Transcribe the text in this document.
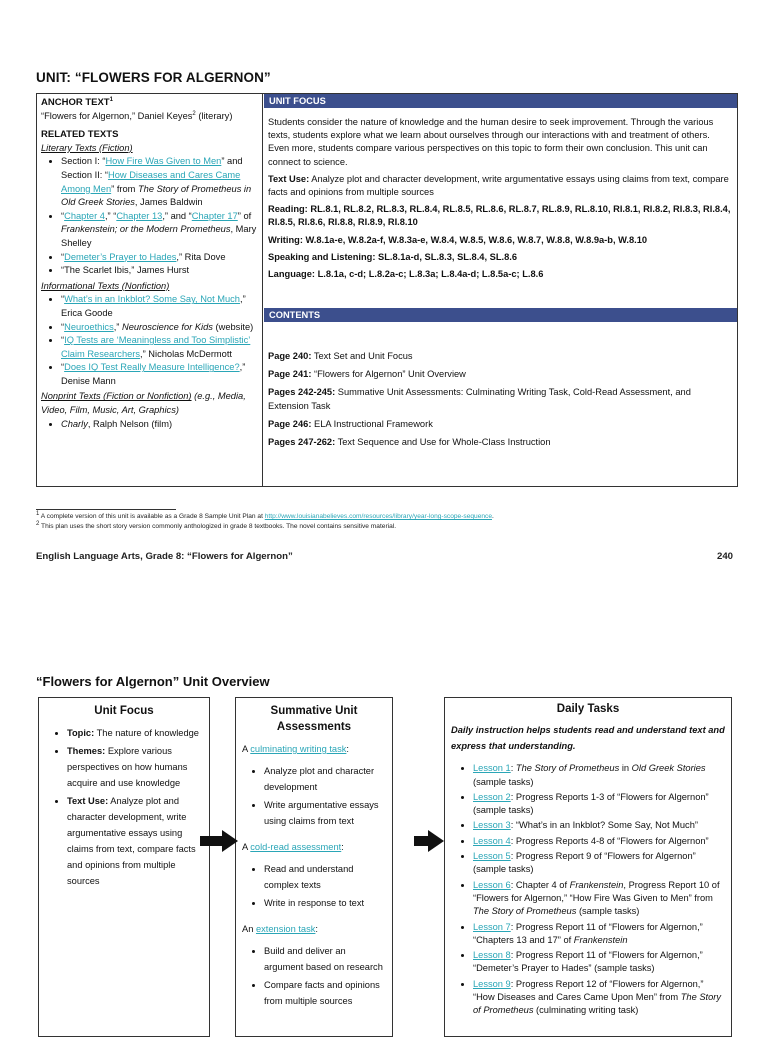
UNIT: “FLOWERS FOR ALGERNON”
ANCHOR TEXT$^1$
“Flowers for Algernon,” Daniel Keyes$^2$ (literary)
RELATED TEXTS
Literary Texts (Fiction)
• Section I: “How Fire Was Given to Men” and Section II: “How Diseases and Cares Came Among Men” from The Story of Prometheus in Old Greek Stories, James Baldwin
• “Chapter 4,” “Chapter 13,” and “Chapter 17” of Frankenstein; or the Modern Prometheus, Mary Shelley
• “Demeter’s Prayer to Hades,” Rita Dove
• “The Scarlet Ibis,” James Hurst
Informational Texts (Nonfiction)
• “What’s in an Inkblot? Some Say, Not Much,” Erica Goode
• “Neuroethics,” Neuroscience for Kids (website)
• “IQ Tests are ‘Meaningless and Too Simplistic’ Claim Researchers,” Nicholas McDermott
• “Does IQ Test Really Measure Intelligence?,” Denise Mann
Nonprint Texts (Fiction or Nonfiction) (e.g., Media, Video, Film, Music, Art, Graphics)
• Charly, Ralph Nelson (film)
UNIT FOCUS

Students consider the nature of knowledge and the human desire to seek improvement. Through the various texts, students explore what we learn about ourselves through our interactions with and treatment of others. Even more, students compare various perspectives on this topic to form their own conclusion. This unit can connect to science.

Text Use: Analyze plot and character development, write argumentative essays using claims from text, compare facts and opinions from multiple sources

Reading: RL.8.1, RL.8.2, RL.8.3, RL.8.4, RL.8.5, RL.8.6, RL.8.7, RL.8.9, RL.8.10, RI.8.1, RI.8.2, RI.8.3, RI.8.4, RI.8.5, RI.8.6, RI.8.8, RI.8.9, RI.8.10

Writing: W.8.1a-e, W.8.2a-f, W.8.3a-e, W.8.4, W.8.5, W.8.6, W.8.7, W.8.8, W.8.9a-b, W.8.10

Speaking and Listening: SL.8.1a-d, SL.8.3, SL.8.4, SL.8.6

Language: L.8.1a, c-d; L.8.2a-c; L.8.3a; L.8.4a-d; L.8.5a-c; L.8.6

CONTENTS

Page 240: Text Set and Unit Focus

Page 241: “Flowers for Algernon” Unit Overview

Pages 242-245: Summative Unit Assessments: Culminating Writing Task, Cold-Read Assessment, and Extension Task

Page 246: ELA Instructional Framework

Pages 247-262: Text Sequence and Use for Whole-Class Instruction

$^1$ A complete version of this unit is available as a Grade 8 Sample Unit Plan at http://www.louisianabelieves.com/resources/library/year-long-scope-sequence.
$^2$ This plan uses the short story version commonly anthologized in grade 8 textbooks. The novel contains sensitive material.
English Language Arts, Grade 8: “Flowers for Algernon”	240
“Flowers for Algernon” Unit Overview
Unit Focus
• Topic: The nature of knowledge
• Themes: Explore various perspectives on how humans acquire and use knowledge
• Text Use: Analyze plot and character development, write argumentative essays using claims from text, compare facts and opinions from multiple sources
Summative Unit Assessments

A culminating writing task:

• Analyze plot and character development
• Write argumentative essays using claims from text

A cold-read assessment:

• Read and understand complex texts
• Write in response to text

An extension task:

• Build and deliver an argument based on research
• Compare facts and opinions from multiple sources
Daily Tasks

Daily instruction helps students read and understand text and express that understanding.

• Lesson 1: The Story of Prometheus in Old Greek Stories (sample tasks)
• Lesson 2: Progress Reports 1-3 of “Flowers for Algernon” (sample tasks)
• Lesson 3: “What’s in an Inkblot? Some Say, Not Much”
• Lesson 4: Progress Reports 4-8 of “Flowers for Algernon”
• Lesson 5: Progress Report 9 of “Flowers for Algernon” (sample tasks)
• Lesson 6: Chapter 4 of Frankenstein, Progress Report 10 of “Flowers for Algernon,” “How Fire Was Given to Men” from The Story of Prometheus (sample tasks)
• Lesson 7: Progress Report 11 of “Flowers for Algernon,” “Chapters 13 and 17” of Frankenstein
• Lesson 8: Progress Report 11 of “Flowers for Algernon,” “Demeter’s Prayer to Hades” (sample tasks)
• Lesson 9: Progress Report 12 of “Flowers for Algernon,” “How Diseases and Cares Came Upon Men” from The Story of Prometheus (culminating writing task)
